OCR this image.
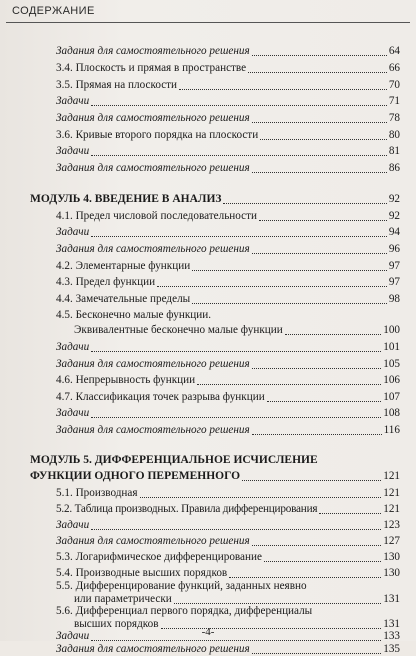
СОДЕРЖАНИЕ
Задания для самостоятельного решения	64
3.4. Плоскость и прямая в пространстве	66
3.5. Прямая на плоскости	70
Задачи	71
Задания для самостоятельного решения	78
3.6. Кривые второго порядка на плоскости	80
Задачи	81
Задания для самостоятельного решения	86
МОДУЛЬ 4. ВВЕДЕНИЕ В АНАЛИЗ	92
4.1. Предел числовой последовательности	92
Задачи	94
Задания для самостоятельного решения	96
4.2. Элементарные функции	97
4.3. Предел функции	97
4.4. Замечательные пределы	98
4.5. Бесконечно малые функции.
Эквивалентные бесконечно малые функции	100
Задачи	101
Задания для самостоятельного решения	105
4.6. Непрерывность функции	106
4.7. Классификация точек разрыва функции	107
Задачи	108
Задания для самостоятельного решения	116
МОДУЛЬ 5. ДИФФЕРЕНЦИАЛЬНОЕ ИСЧИСЛЕНИЕ
ФУНКЦИИ ОДНОГО ПЕРЕМЕННОГО	121
5.1. Производная	121
5.2. Таблица производных. Правила дифференцирования	121
Задачи	123
Задания для самостоятельного решения	127
5.3. Логарифмическое дифференцирование	130
5.4. Производные высших порядков	130
5.5. Дифференцирование функций, заданных неявно
или параметрически	131
5.6. Дифференциал первого порядка, дифференциалы
высших порядков	131
Задачи	133
Задания для самостоятельного решения	135
-4-
